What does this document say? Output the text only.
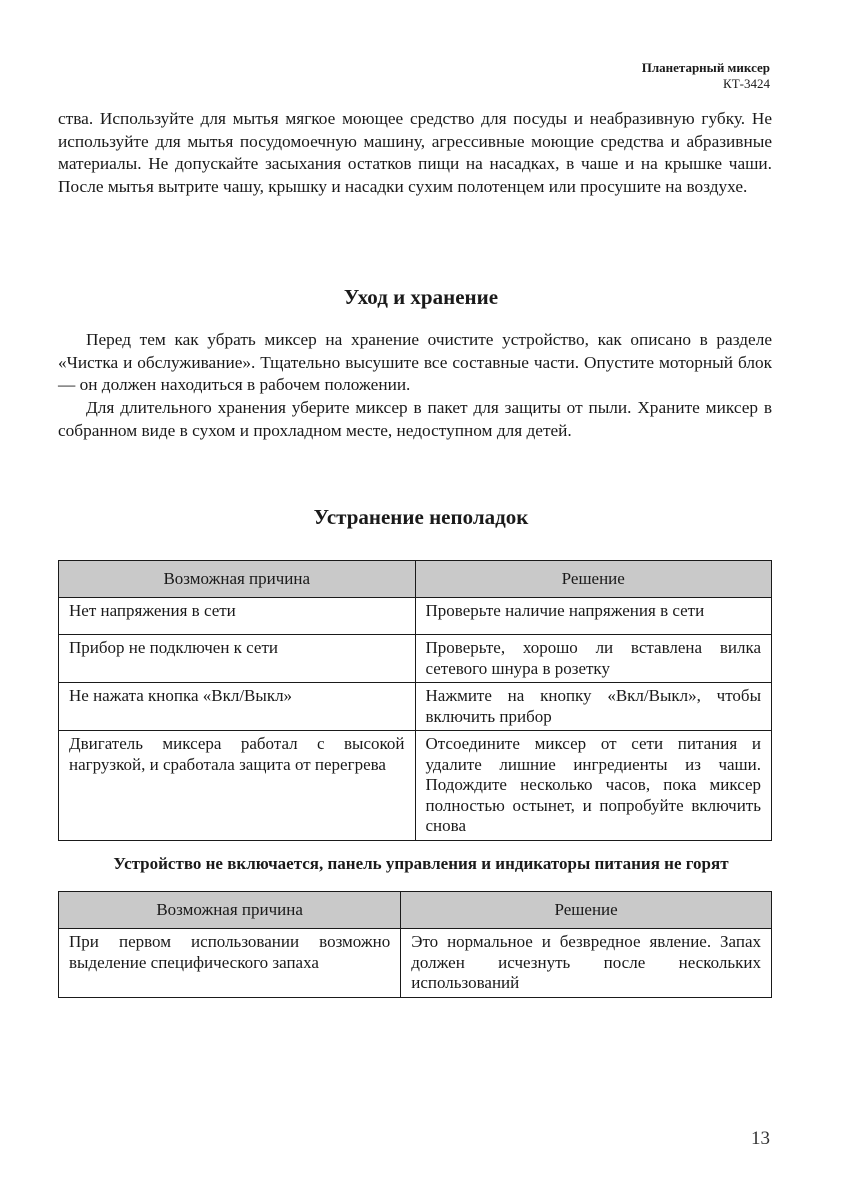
Планетарный миксер
КТ-3424

ства. Используйте для мытья мягкое моющее средство для посуды и неабразивную губку. Не используйте для мытья посудомоечную машину, агрессивные моющие средства и абразивные материалы. Не допускайте засыхания остатков пищи на насадках, в чаше и на крышке чаши. После мытья вытрите чашу, крышку и насадки сухим полотенцем или просушите на воздухе.

Уход и хранение

Перед тем как убрать миксер на хранение очистите устройство, как описано в разделе «Чистка и обслуживание». Тщательно высушите все составные части. Опустите моторный блок — он должен находиться в рабочем положении.

Для длительного хранения уберите миксер в пакет для защиты от пыли. Храните миксер в собранном виде в сухом и прохладном месте, недоступном для детей.

Устранение неполадок
Возможная причина	Решение
Нет напряжения в сети	Проверьте наличие напряжения в сети
Прибор не подключен к сети	Проверьте, хорошо ли вставлена вилка сетевого шнура в розетку
Не нажата кнопка «Вкл/Выкл»	Нажмите на кнопку «Вкл/Выкл», чтобы включить прибор
Двигатель миксера работал с высокой нагрузкой, и сработала защита от перегрева	Отсоедините миксер от сети питания и удалите лишние ингредиенты из чаши. Подождите несколько часов, пока миксер полностью остынет, и попробуйте включить снова
Устройство не включается, панель управления и индикаторы питания не горят
Возможная причина	Решение
При первом использовании возможно выделение специфического запаха	Это нормальное и безвредное явление. Запах должен исчезнуть после нескольких использований
13
